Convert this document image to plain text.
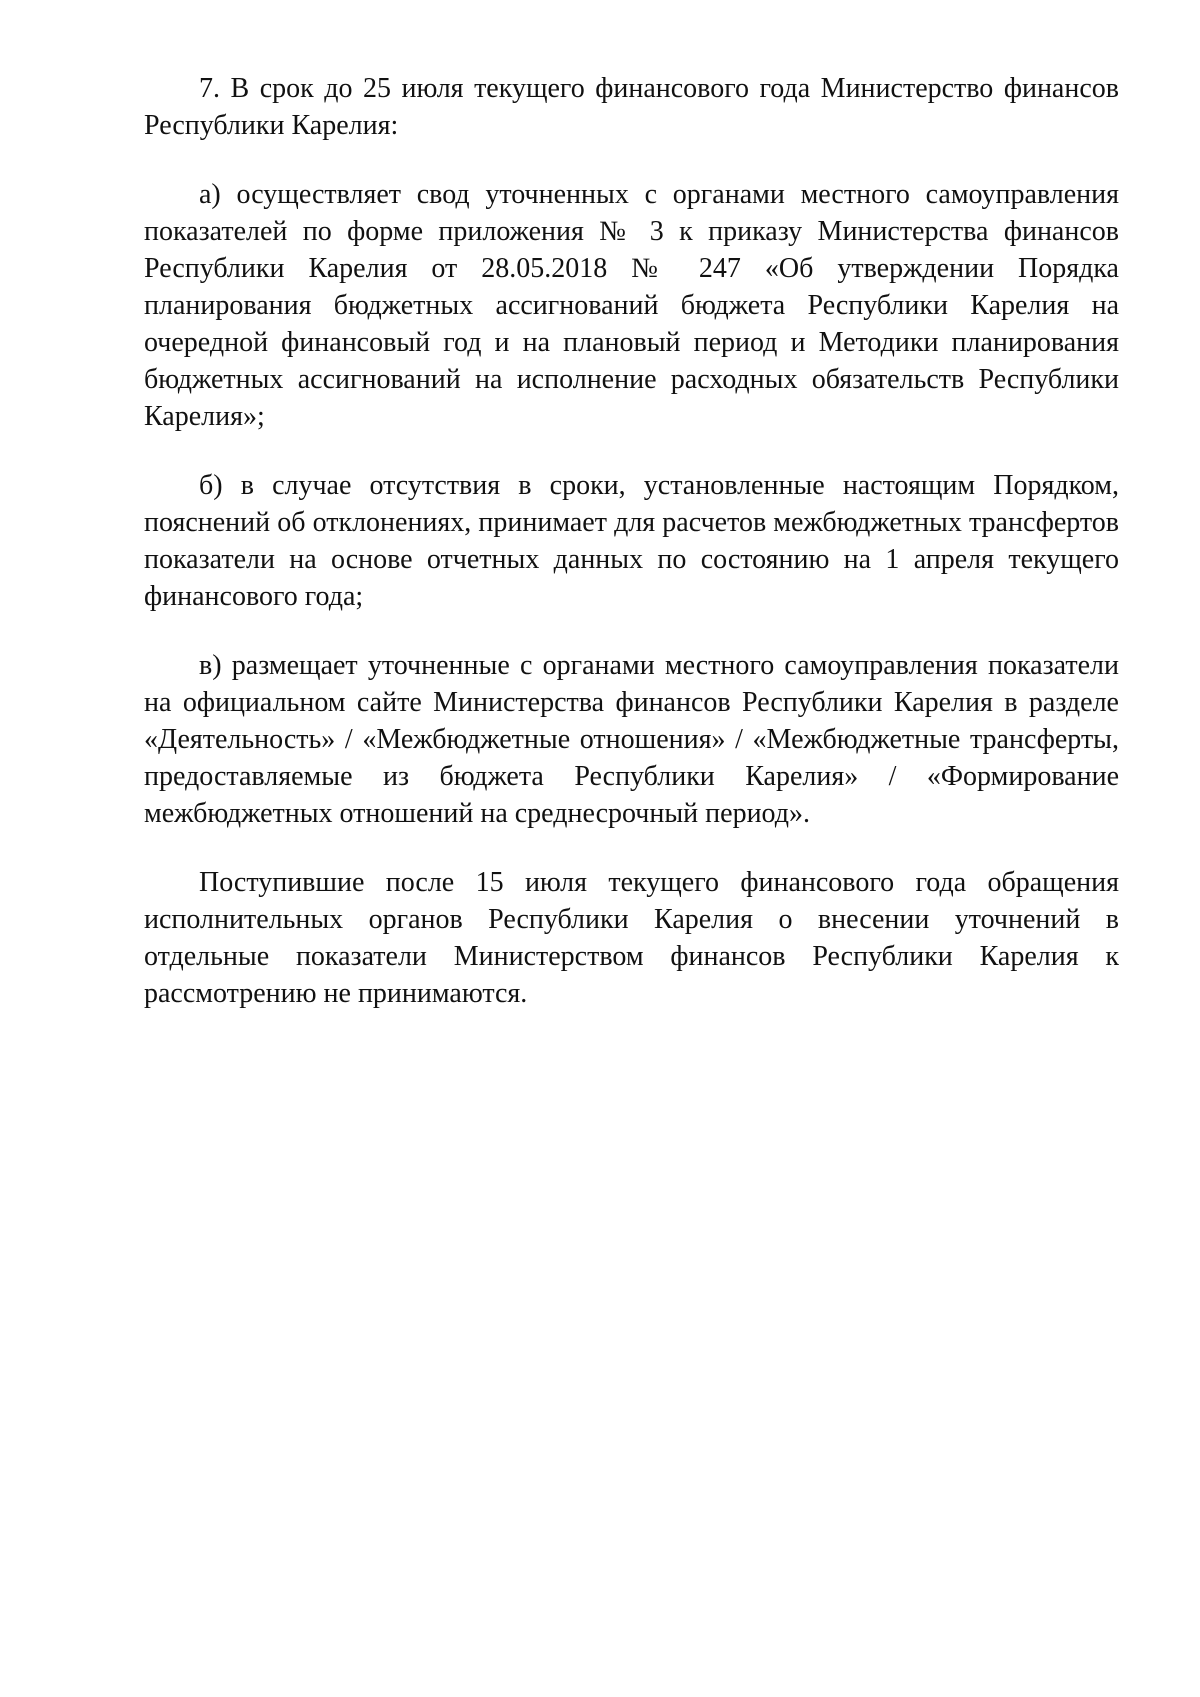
7. В срок до 25 июля текущего финансового года Министерство финансов Республики Карелия:

а) осуществляет свод уточненных с органами местного самоуправления показателей по форме приложения № 3 к приказу Министерства финансов Республики Карелия от 28.05.2018 № 247 «Об утверждении Порядка планирования бюджетных ассигнований бюджета Республики Карелия на очередной финансовый год и на плановый период и Методики планирования бюджетных ассигнований на исполнение расходных обязательств Республики Карелия»;

б) в случае отсутствия в сроки, установленные настоящим Порядком, пояснений об отклонениях, принимает для расчетов межбюджетных трансфертов показатели на основе отчетных данных по состоянию на 1 апреля текущего финансового года;

в) размещает уточненные с органами местного самоуправления показатели на официальном сайте Министерства финансов Республики Карелия в разделе «Деятельность» / «Межбюджетные отношения» / «Межбюджетные трансферты, предоставляемые из бюджета Республики Карелия» / «Формирование межбюджетных отношений на среднесрочный период».

Поступившие после 15 июля текущего финансового года обращения исполнительных органов Республики Карелия о внесении уточнений в отдельные показатели Министерством финансов Республики Карелия к рассмотрению не принимаются.
